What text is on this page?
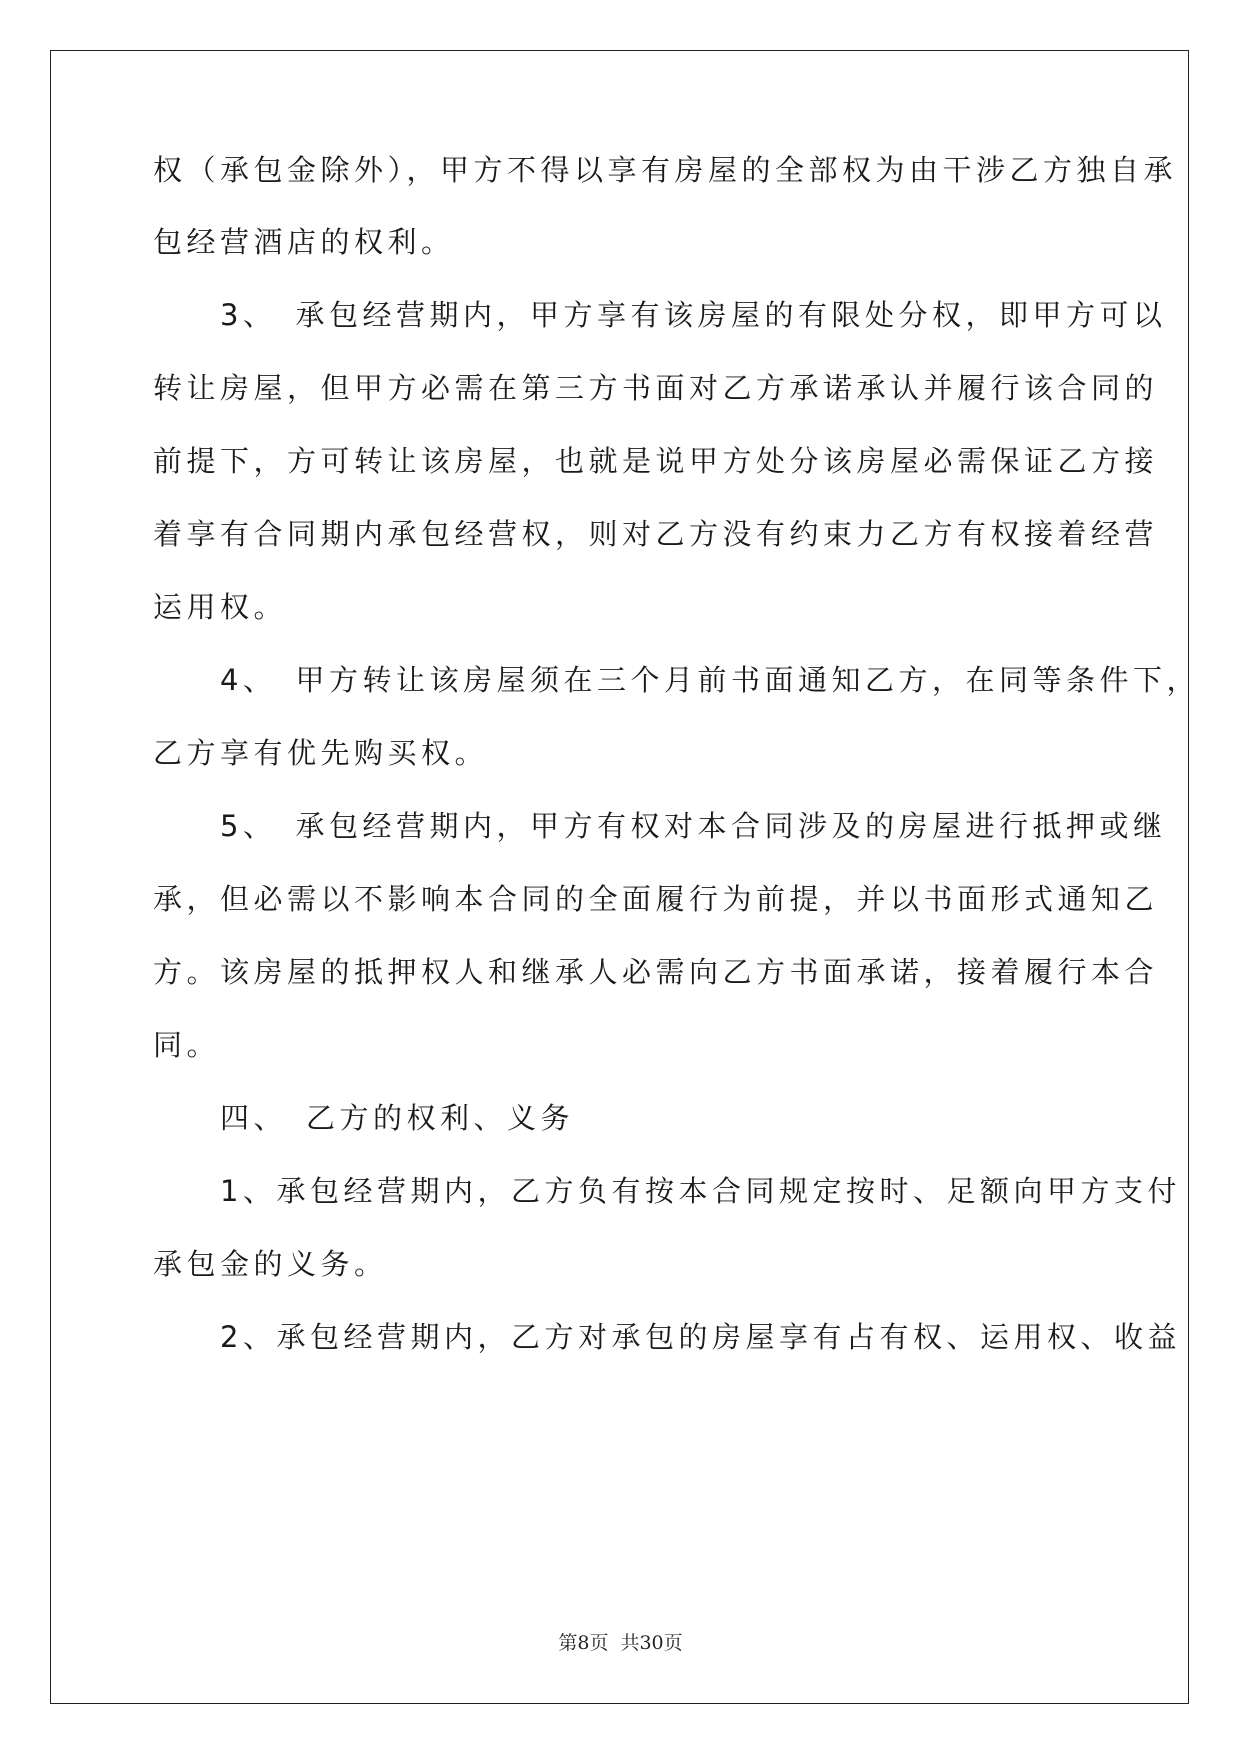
权（承包金除外），甲方不得以享有房屋的全部权为由干涉乙方独自承
包经营酒店的权利。
　　3、　承包经营期内，甲方享有该房屋的有限处分权，即甲方可以
转让房屋，但甲方必需在第三方书面对乙方承诺承认并履行该合同的
前提下，方可转让该房屋，也就是说甲方处分该房屋必需保证乙方接
着享有合同期内承包经营权，则对乙方没有约束力乙方有权接着经营
运用权。
　　4、　甲方转让该房屋须在三个月前书面通知乙方，在同等条件下，
乙方享有优先购买权。
　　5、　承包经营期内，甲方有权对本合同涉及的房屋进行抵押或继
承，但必需以不影响本合同的全面履行为前提，并以书面形式通知乙
方。该房屋的抵押权人和继承人必需向乙方书面承诺，接着履行本合
同。
　　四、　乙方的权利、义务
　　1、承包经营期内，乙方负有按本合同规定按时、足额向甲方支付
承包金的义务。
　　2、承包经营期内，乙方对承包的房屋享有占有权、运用权、收益
第8页 共30页
